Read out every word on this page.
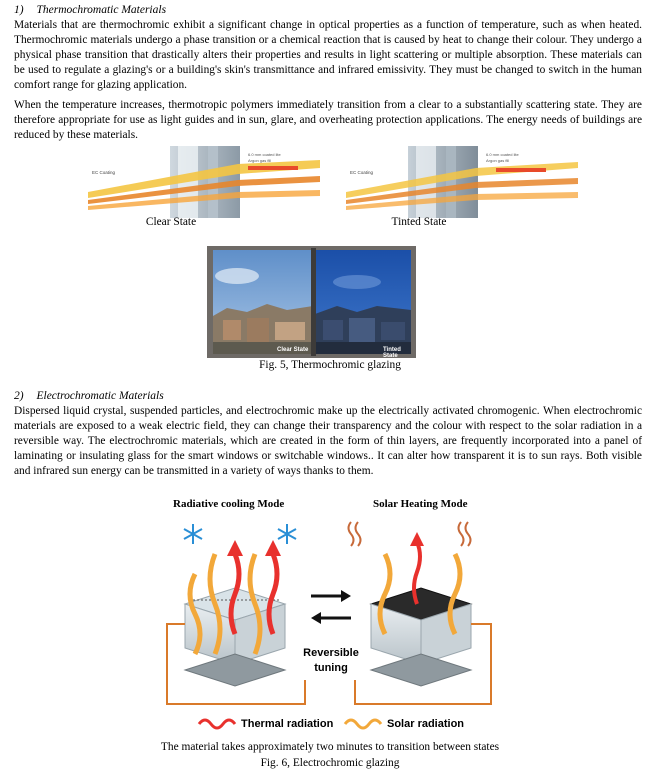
1) Thermochromatic Materials

Materials that are thermochromic exhibit a significant change in optical properties as a function of temperature, such as when heated. Thermochromic materials undergo a phase transition or a chemical reaction that is caused by heat to change their colour. They undergo a physical phase transition that drastically alters their properties and results in light scattering or multiple absorption. These materials can be used to regulate a glazing's or a building's skin's transmittance and infrared emissivity. They must be changed to switch in the human comfort range for glazing application.

When the temperature increases, thermotropic polymers immediately transition from a clear to a substantially scattering state. They are therefore appropriate for use as light guides and in sun, glare, and overheating protection applications. The energy needs of buildings are reduced by these materials.

EC Coating
6.0 mm coated lite
Argon gas fill
Clear State
EC Coating
6.0 mm coated lite
Argon gas fill
Tinted State
Clear State	Tinted State
Fig. 5, Thermochromic glazing
2) Electrochromatic Materials

Dispersed liquid crystal, suspended particles, and electrochromic make up the electrically activated chromogenic. When electrochromic materials are exposed to a weak electric field, they can change their transparency and the colour with respect to the solar radiation in a reversible way. The electrochromic materials, which are created in the form of thin layers, are frequently incorporated into a panel of laminating or insulating glass for the smart windows or switchable windows.. It can alter how transparent it is to sun rays. Both visible and infrared sun energy can be transmitted in a variety of ways thanks to them.

Radiative cooling Mode	Solar Heating Mode
Reversible
tuning
Thermal radiation	Solar radiation
The material takes approximately two minutes to transition between states
Fig. 6, Electrochromic glazing
